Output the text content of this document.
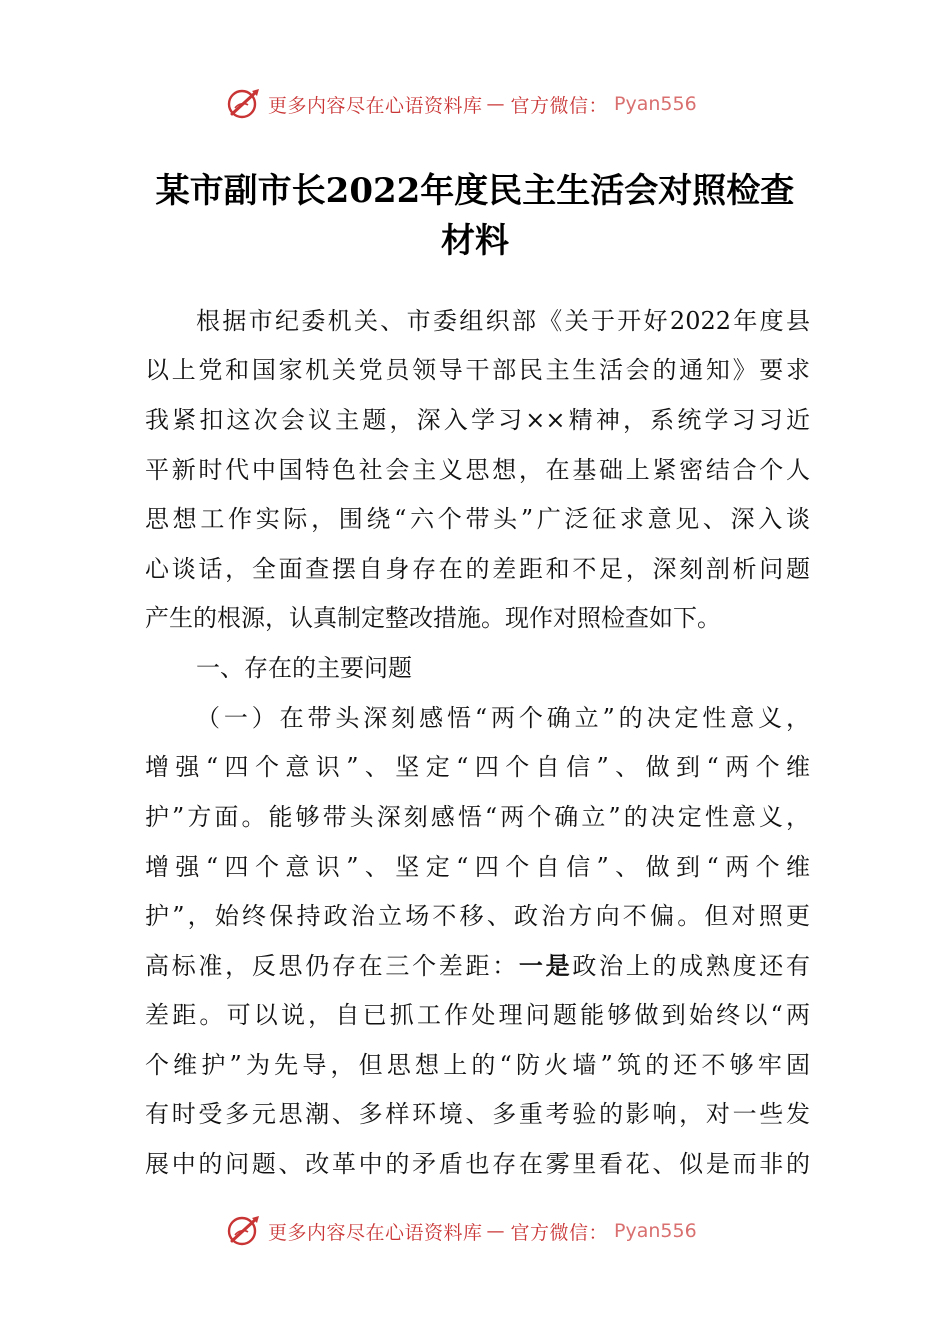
更多内容尽在心语资料库 — 官方微信： Pyan556
某市副市长2022年度民主生活会对照检查
材料
根据市纪委机关、市委组织部《关于开好2022年度县
以上党和国家机关党员领导干部民主生活会的通知》要求
我紧扣这次会议主题，深入学习××精神，系统学习习近
平新时代中国特色社会主义思想，在基础上紧密结合个人
思想工作实际，围绕“六个带头”广泛征求意见、深入谈
心谈话，全面查摆自身存在的差距和不足，深刻剖析问题
产生的根源，认真制定整改措施。现作对照检查如下。
一、存在的主要问题
（一）在带头深刻感悟“两个确立”的决定性意义，
增强“四个意识”、坚定“四个自信”、做到“两个维
护”方面。能够带头深刻感悟“两个确立”的决定性意义，
增强“四个意识”、坚定“四个自信”、做到“两个维
护”，始终保持政治立场不移、政治方向不偏。但对照更
高标准，反思仍存在三个差距：一是政治上的成熟度还有
差距。可以说，自已抓工作处理问题能够做到始终以“两
个维护”为先导，但思想上的“防火墙”筑的还不够牢固
有时受多元思潮、多样环境、多重考验的影响，对一些发
展中的问题、改革中的矛盾也存在雾里看花、似是而非的
更多内容尽在心语资料库 — 官方微信： Pyan556
